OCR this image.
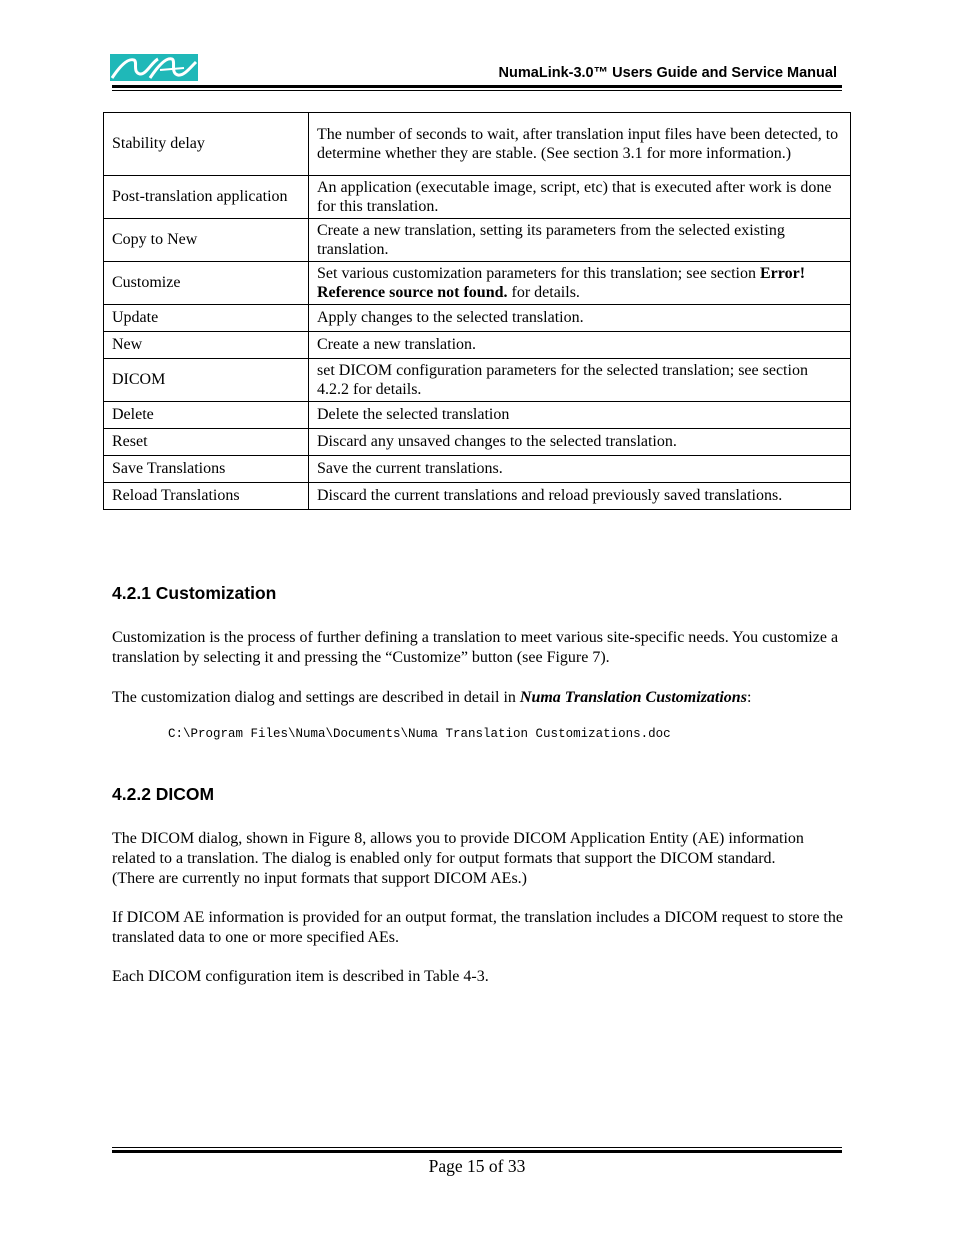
NumaLink-3.0™ Users Guide and Service Manual
Stability delay	The number of seconds to wait, after translation input files have been detected, to determine whether they are stable. (See section 3.1 for more information.)
Post-translation application	An application (executable image, script, etc) that is executed after work is done for this translation.
Copy to New	Create a new translation, setting its parameters from the selected existing translation.
Customize	Set various customization parameters for this translation; see section Error! Reference source not found. for details.
Update	Apply changes to the selected translation.
New	Create a new translation.
DICOM	set DICOM configuration parameters for the selected translation; see section 4.2.2 for details.
Delete	Delete the selected translation
Reset	Discard any unsaved changes to the selected translation.
Save Translations	Save the current translations.
Reload Translations	Discard the current translations and reload previously saved translations.
4.2.1 Customization

Customization is the process of further defining a translation to meet various site-specific needs. You customize a translation by selecting it and pressing the “Customize” button (see Figure 7).

The customization dialog and settings are described in detail in Numa Translation Customizations:

C:\Program Files\Numa\Documents\Numa Translation Customizations.doc
4.2.2 DICOM

The DICOM dialog, shown in Figure 8, allows you to provide DICOM Application Entity (AE) information related to a translation. The dialog is enabled only for output formats that support the DICOM standard. (There are currently no input formats that support DICOM AEs.)

If DICOM AE information is provided for an output format, the translation includes a DICOM request to store the translated data to one or more specified AEs.

Each DICOM configuration item is described in Table 4-3.

Page 15 of 33
